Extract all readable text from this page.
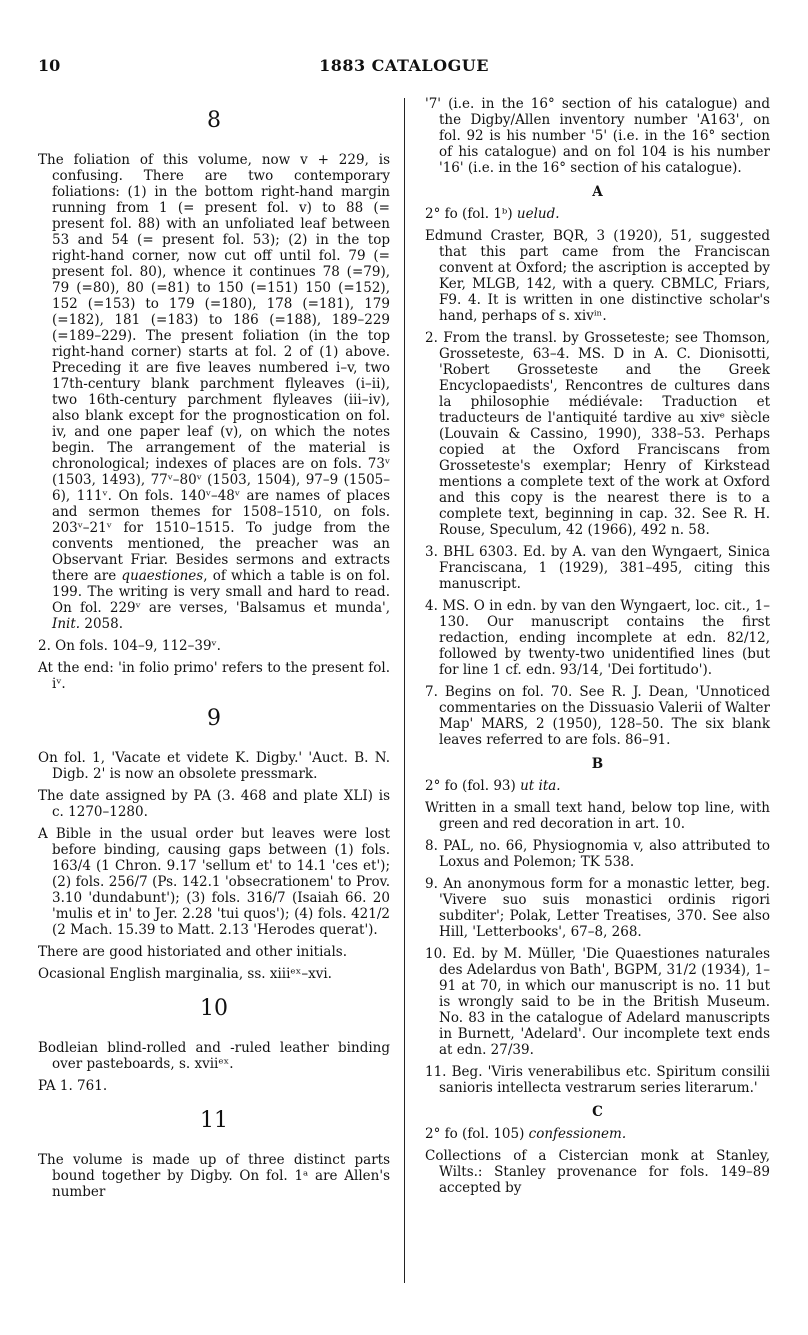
10	1883 CATALOGUE
8

The foliation of this volume, now v + 229, is confusing. There are two contemporary foliations: (1) in the bottom right-hand margin running from 1 (= present fol. v) to 88 (= present fol. 88) with an unfoliated leaf between 53 and 54 (= present fol. 53); (2) in the top right-hand corner, now cut off until fol. 79 (= present fol. 80), whence it continues 78 (=79), 79 (=80), 80 (=81) to 150 (=151) 150 (=152), 152 (=153) to 179 (=180), 178 (=181), 179 (=182), 181 (=183) to 186 (=188), 189–229 (=189–229). The present foliation (in the top right-hand corner) starts at fol. 2 of (1) above. Preceding it are five leaves numbered i–v, two 17th-century blank parchment flyleaves (i–ii), two 16th-century parchment flyleaves (iii–iv), also blank except for the prognostication on fol. iv, and one paper leaf (v), on which the notes begin. The arrangement of the material is chronological; indexes of places are on fols. 73ᵛ (1503, 1493), 77ᵛ–80ᵛ (1503, 1504), 97–9 (1505–6), 111ᵛ. On fols. 140ᵛ–48ᵛ are names of places and sermon themes for 1508–1510, on fols. 203ᵛ–21ᵛ for 1510–1515. To judge from the convents mentioned, the preacher was an Observant Friar. Besides sermons and extracts there are quaestiones, of which a table is on fol. 199. The writing is very small and hard to read. On fol. 229ᵛ are verses, 'Balsamus et munda', Init. 2058.

2. On fols. 104–9, 112–39ᵛ.

At the end: 'in folio primo' refers to the present fol. iᵛ.

9

On fol. 1, 'Vacate et videte K. Digby.' 'Auct. B. N. Digb. 2' is now an obsolete pressmark.

The date assigned by PA (3. 468 and plate XLI) is c. 1270–1280.

A Bible in the usual order but leaves were lost before binding, causing gaps between (1) fols. 163/4 (1 Chron. 9.17 'sellum et' to 14.1 'ces et'); (2) fols. 256/7 (Ps. 142.1 'obsecrationem' to Prov. 3.10 'dundabunt'); (3) fols. 316/7 (Isaiah 66. 20 'mulis et in' to Jer. 2.28 'tui quos'); (4) fols. 421/2 (2 Mach. 15.39 to Matt. 2.13 'Herodes querat').

There are good historiated and other initials.

Ocasional English marginalia, ss. xiiiᵉˣ–xvi.

10

Bodleian blind-rolled and -ruled leather binding over pasteboards, s. xviiᵉˣ.

PA 1. 761.

11

The volume is made up of three distinct parts bound together by Digby. On fol. 1ᵃ are Allen's number

'7' (i.e. in the 16° section of his catalogue) and the Digby/Allen inventory number 'A163', on fol. 92 is his number '5' (i.e. in the 16° section of his catalogue) and on fol 104 is his number '16' (i.e. in the 16° section of his catalogue).

A

2° fo (fol. 1ᵇ) uelud.

Edmund Craster, BQR, 3 (1920), 51, suggested that this part came from the Franciscan convent at Oxford; the ascription is accepted by Ker, MLGB, 142, with a query. CBMLC, Friars, F9. 4. It is written in one distinctive scholar's hand, perhaps of s. xivⁱⁿ.

2. From the transl. by Grosseteste; see Thomson, Grosseteste, 63–4. MS. D in A. C. Dionisotti, 'Robert Grosseteste and the Greek Encyclopaedists', Rencontres de cultures dans la philosophie médiévale: Traduction et traducteurs de l'antiquité tardive au xivᵉ siècle (Louvain & Cassino, 1990), 338–53. Perhaps copied at the Oxford Franciscans from Grosseteste's exemplar; Henry of Kirkstead mentions a complete text of the work at Oxford and this copy is the nearest there is to a complete text, beginning in cap. 32. See R. H. Rouse, Speculum, 42 (1966), 492 n. 58.

3. BHL 6303. Ed. by A. van den Wyngaert, Sinica Franciscana, 1 (1929), 381–495, citing this manuscript.

4. MS. O in edn. by van den Wyngaert, loc. cit., 1–130. Our manuscript contains the first redaction, ending incomplete at edn. 82/12, followed by twenty-two unidentified lines (but for line 1 cf. edn. 93/14, 'Dei fortitudo').

7. Begins on fol. 70. See R. J. Dean, 'Unnoticed commentaries on the Dissuasio Valerii of Walter Map' MARS, 2 (1950), 128–50. The six blank leaves referred to are fols. 86–91.

B

2° fo (fol. 93) ut ita.

Written in a small text hand, below top line, with green and red decoration in art. 10.

8. PAL, no. 66, Physiognomia v, also attributed to Loxus and Polemon; TK 538.

9. An anonymous form for a monastic letter, beg. 'Vivere suo suis monastici ordinis rigori subditer'; Polak, Letter Treatises, 370. See also Hill, 'Letterbooks', 67–8, 268.

10. Ed. by M. Müller, 'Die Quaestiones naturales des Adelardus von Bath', BGPM, 31/2 (1934), 1–91 at 70, in which our manuscript is no. 11 but is wrongly said to be in the British Museum. No. 83 in the catalogue of Adelard manuscripts in Burnett, 'Adelard'. Our incomplete text ends at edn. 27/39.

11. Beg. 'Viris venerabilibus etc. Spiritum consilii sanioris intellecta vestrarum series literarum.'

C

2° fo (fol. 105) confessionem.

Collections of a Cistercian monk at Stanley, Wilts.: Stanley provenance for fols. 149–89 accepted by
